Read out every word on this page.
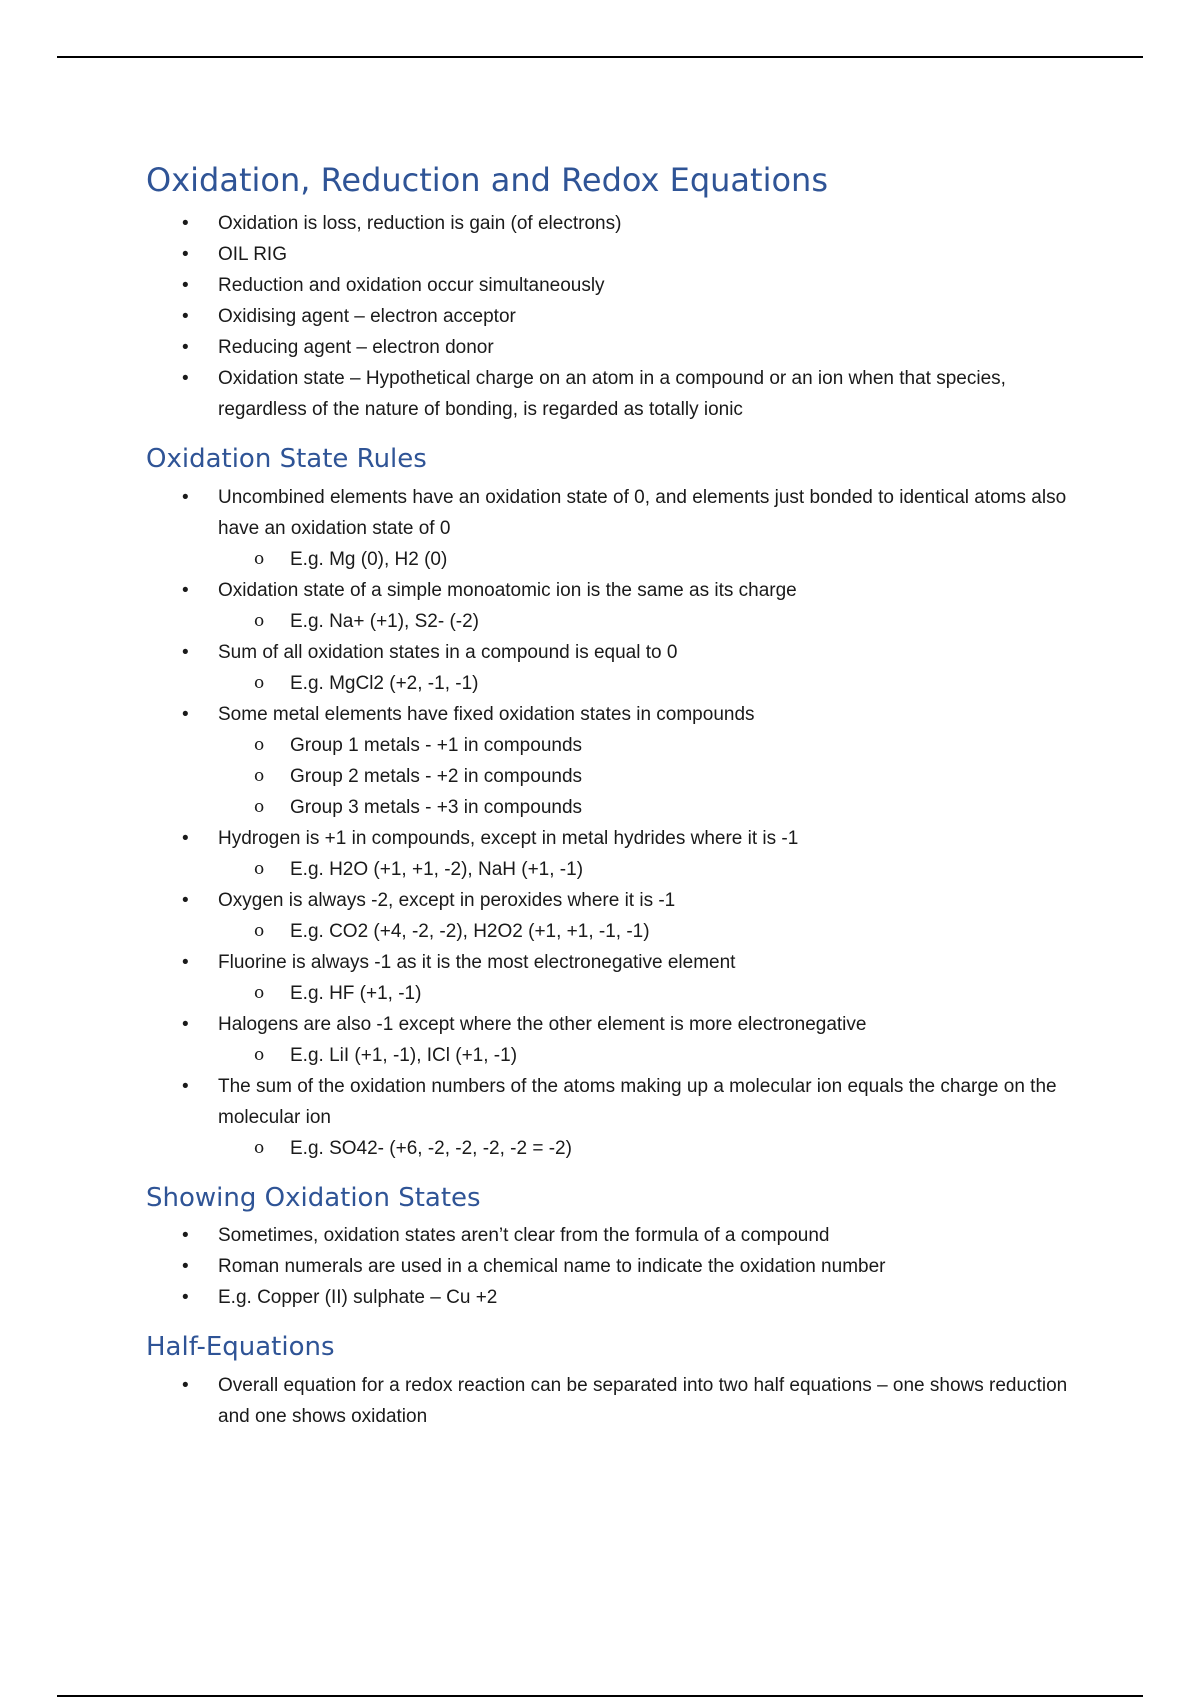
Oxidation, Reduction and Redox Equations
• Oxidation is loss, reduction is gain (of electrons)
• OIL RIG
• Reduction and oxidation occur simultaneously
• Oxidising agent – electron acceptor
• Reducing agent – electron donor
• Oxidation state – Hypothetical charge on an atom in a compound or an ion when that species, regardless of the nature of bonding, is regarded as totally ionic
Oxidation State Rules
• Uncombined elements have an oxidation state of 0, and elements just bonded to identical atoms also have an oxidation state of 0
o E.g. Mg (0), H2 (0)
• Oxidation state of a simple monoatomic ion is the same as its charge
o E.g. Na+ (+1), S2- (-2)
• Sum of all oxidation states in a compound is equal to 0
o E.g. MgCl2 (+2, -1, -1)
• Some metal elements have fixed oxidation states in compounds
o Group 1 metals - +1 in compounds
o Group 2 metals - +2 in compounds
o Group 3 metals - +3 in compounds
• Hydrogen is +1 in compounds, except in metal hydrides where it is -1
o E.g. H2O (+1, +1, -2), NaH (+1, -1)
• Oxygen is always -2, except in peroxides where it is -1
o E.g. CO2 (+4, -2, -2), H2O2 (+1, +1, -1, -1)
• Fluorine is always -1 as it is the most electronegative element
o E.g. HF (+1, -1)
• Halogens are also -1 except where the other element is more electronegative
o E.g. LiI (+1, -1), ICl (+1, -1)
• The sum of the oxidation numbers of the atoms making up a molecular ion equals the charge on the molecular ion
o E.g. SO42- (+6, -2, -2, -2, -2 = -2)
Showing Oxidation States
• Sometimes, oxidation states aren’t clear from the formula of a compound
• Roman numerals are used in a chemical name to indicate the oxidation number
• E.g. Copper (II) sulphate – Cu +2
Half-Equations
• Overall equation for a redox reaction can be separated into two half equations – one shows reduction and one shows oxidation
